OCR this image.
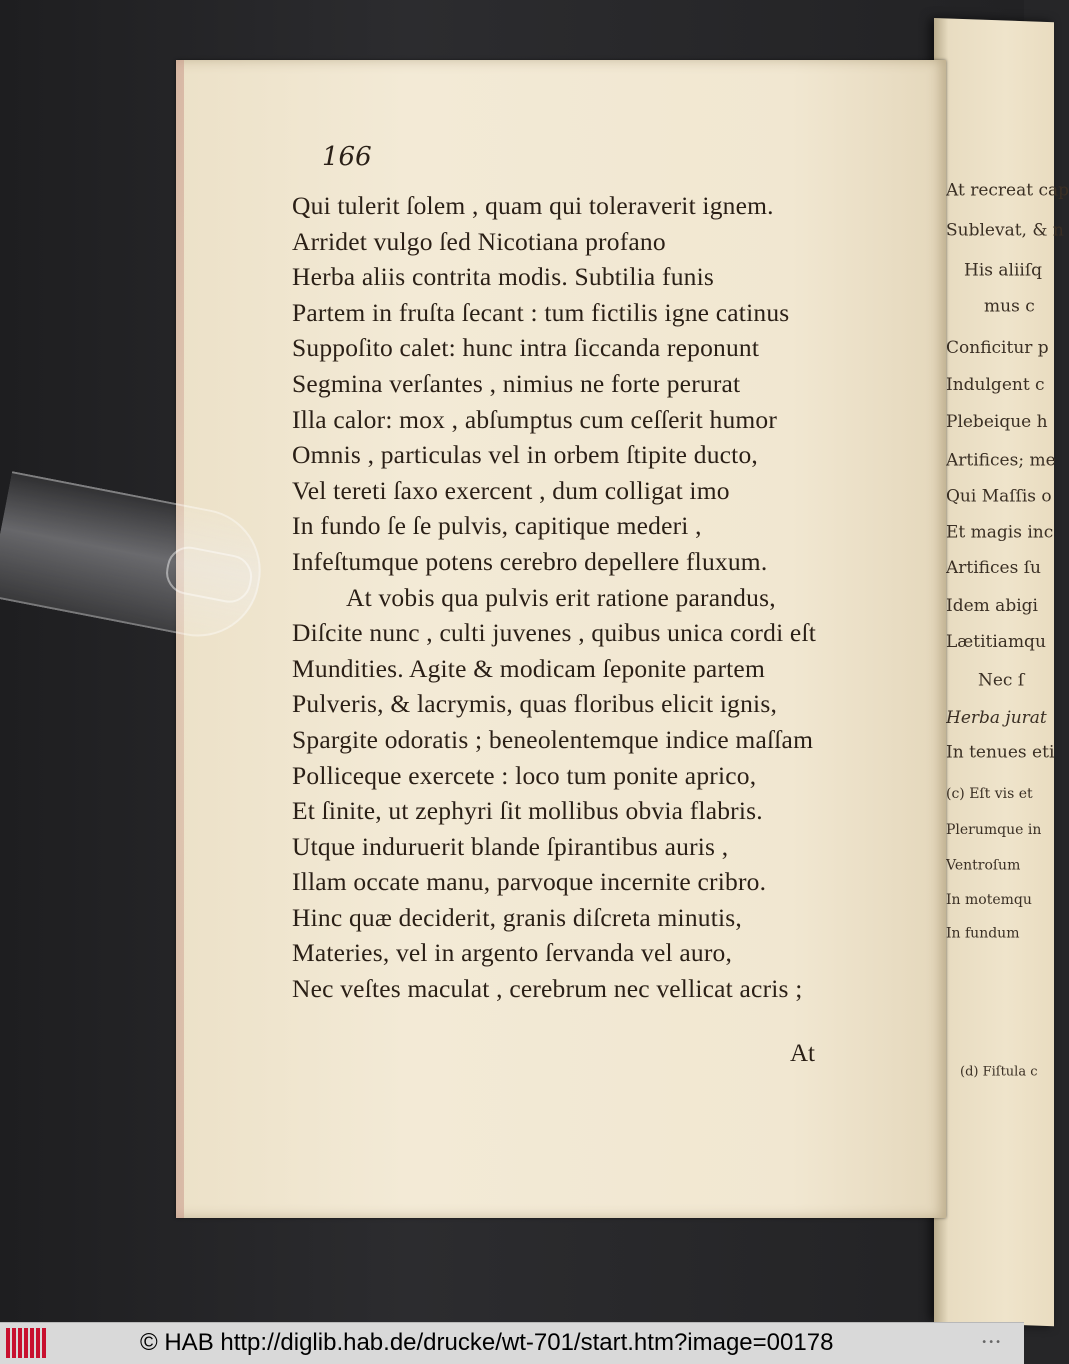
At recreat cap
Sublevat, & n
His aliiſq
mus c
Conficitur p
Indulgent c
Plebeique h
Artifices; me
Qui Maſſis o
Et magis inc
Artifices ſu
Idem abigi
Lætitiamqu
Nec ſ
Herba jurat
In tenues eti
(c) Eſt vis et
Plerumque in
Ventroſum
In motemqu
In fundum
(d) Fiſtula c
166
Qui tulerit ſolem , quam qui toleraverit ignem.
Arridet vulgo ſed Nicotiana profano
Herba aliis contrita modis. Subtilia funis
Partem in fruſta ſecant : tum fictilis igne catinus
Suppoſito calet: hunc intra ſiccanda reponunt
Segmina verſantes , nimius ne forte perurat
Illa calor: mox , abſumptus cum ceſſerit humor
Omnis , particulas vel in orbem ſtipite ducto,
Vel tereti ſaxo exercent , dum colligat imo
In fundo ſe ſe pulvis, capitique mederi ,
Infeſtumque potens cerebro depellere fluxum.
At vobis qua pulvis erit ratione parandus,
Diſcite nunc , culti juvenes , quibus unica cordi eſt
Mundities. Agite & modicam ſeponite partem
Pulveris, & lacrymis, quas floribus elicit ignis,
Spargite odoratis ; beneolentemque indice maſſam
Polliceque exercete : loco tum ponite aprico,
Et ſinite, ut zephyri ſit mollibus obvia flabris.
Utque induruerit blande ſpirantibus auris ,
Illam occate manu, parvoque incernite cribro.
Hinc quæ deciderit, granis diſcreta minutis,
Materies, vel in argento ſervanda vel auro,
Nec veſtes maculat , cerebrum nec vellicat acris ;
At
© HAB http://diglib.hab.de/drucke/wt-701/start.htm?image=00178	•••
